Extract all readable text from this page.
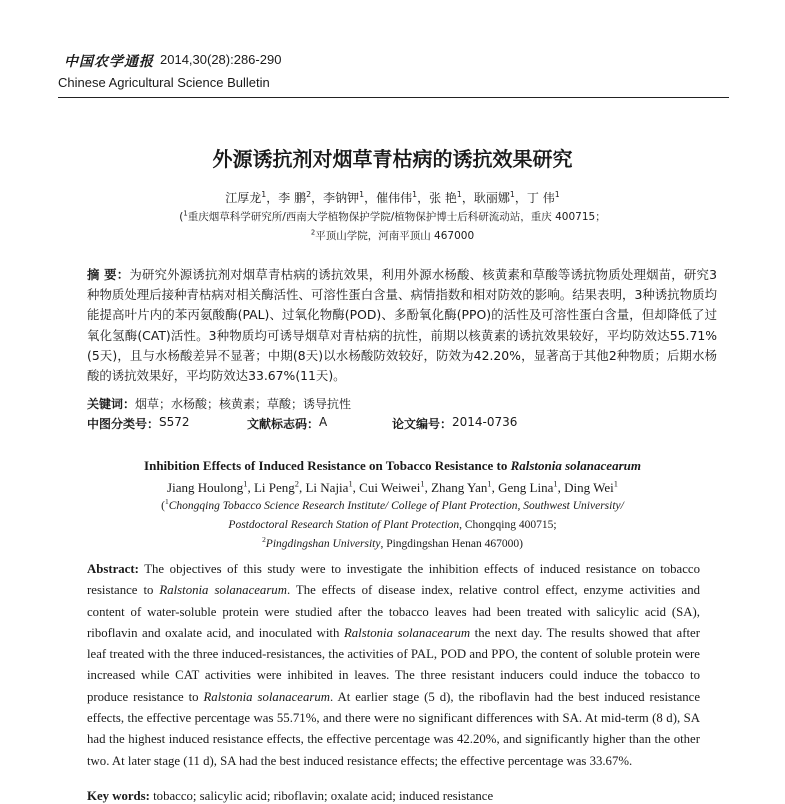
中国农学通报 2014,30(28):286-290
Chinese Agricultural Science Bulletin
外源诱抗剂对烟草青枯病的诱抗效果研究
江厚龙$^1$，李 鹏$^2$，李钠钾$^1$，催伟伟$^1$，张 艳$^1$，耿丽娜$^1$，丁 伟$^1$
($^1$重庆烟草科学研究所/西南大学植物保护学院/植物保护博士后科研流动站，重庆 400715；
$^2$平顶山学院，河南平顶山 467000
摘 要：为研究外源诱抗剂对烟草青枯病的诱抗效果，利用外源水杨酸、核黄素和草酸等诱抗物质处理烟苗，研究3种物质处理后接种青枯病对相关酶活性、可溶性蛋白含量、病情指数和相对防效的影响。结果表明，3种诱抗物质均能提高叶片内的苯丙氨酸酶(PAL)、过氧化物酶(POD)、多酚氧化酶(PPO)的活性及可溶性蛋白含量，但却降低了过氧化氢酶(CAT)活性。3种物质均可诱导烟草对青枯病的抗性，前期以核黄素的诱抗效果较好，平均防效达55.71%(5天)，且与水杨酸差异不显著；中期(8天)以水杨酸防效较好，防效为42.20%，显著高于其他2种物质；后期水杨酸的诱抗效果好，平均防效达33.67%(11天)。
关键词：烟草；水杨酸；核黄素；草酸；诱导抗性
中图分类号： S572	文献标志码： A	论文编号： 2014-0736
Inhibition Effects of Induced Resistance on Tobacco Resistance to Ralstonia solanacearum
Jiang Houlong$^1$, Li Peng$^2$, Li Najia$^1$, Cui Weiwei$^1$, Zhang Yan$^1$, Geng Lina$^1$, Ding Wei$^1$
($^1$Chongqing Tobacco Science Research Institute/ College of Plant Protection, Southwest University/
Postdoctoral Research Station of Plant Protection, Chongqing 400715;
$^2$Pingdingshan University, Pingdingshan Henan 467000)
Abstract: The objectives of this study were to investigate the inhibition effects of induced resistance on tobacco resistance to Ralstonia solanacearum. The effects of disease index, relative control effect, enzyme activities and content of water-soluble protein were studied after the tobacco leaves had been treated with salicylic acid (SA), riboflavin and oxalate acid, and inoculated with Ralstonia solanacearum the next day. The results showed that after leaf treated with the three induced-resistances, the activities of PAL, POD and PPO, the content of soluble protein were increased while CAT activities were inhibited in leaves. The three resistant inducers could induce the tobacco to produce resistance to Ralstonia solanacearum. At earlier stage (5 d), the riboflavin had the best induced resistance effects, the effective percentage was 55.71%, and there were no significant differences with SA. At mid-term (8 d), SA had the highest induced resistance effects, the effective percentage was 42.20%, and significantly higher than the other two. At later stage (11 d), SA had the best induced resistance effects; the effective percentage was 33.67%.
Key words: tobacco; salicylic acid; riboflavin; oxalate acid; induced resistance
